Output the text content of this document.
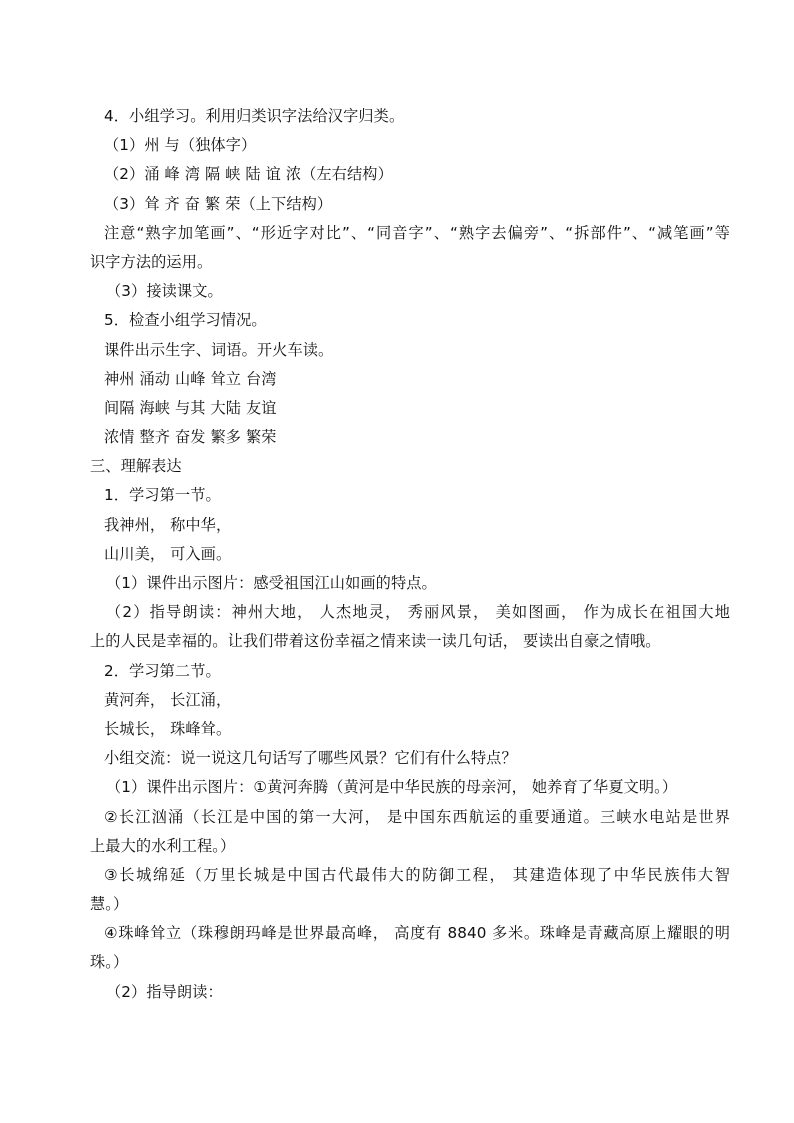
4．小组学习。利用归类识字法给汉字归类。
（1）州 与（独体字）
（2）涌 峰 湾 隔 峡 陆 谊 浓（左右结构）
（3）耸 齐 奋 繁 荣（上下结构）
注意“熟字加笔画”、“形近字对比”、“同音字”、“熟字去偏旁”、“拆部件”、“减笔画”等
识字方法的运用。
（3）接读课文。
5．检查小组学习情况。
课件出示生字、词语。开火车读。
神州 涌动 山峰 耸立 台湾
间隔 海峡 与其 大陆 友谊
浓情 整齐 奋发 繁多 繁荣
三、理解表达
1．学习第一节。
我神州， 称中华，
山川美， 可入画。
（1）课件出示图片：感受祖国江山如画的特点。
（2）指导朗读：神州大地， 人杰地灵， 秀丽风景， 美如图画， 作为成长在祖国大地
上的人民是幸福的。让我们带着这份幸福之情来读一读几句话， 要读出自豪之情哦。
2．学习第二节。
黄河奔， 长江涌，
长城长， 珠峰耸。
小组交流：说一说这几句话写了哪些风景？它们有什么特点？
（1）课件出示图片：①黄河奔腾（黄河是中华民族的母亲河， 她养育了华夏文明。）
②长江汹涌（长江是中国的第一大河， 是中国东西航运的重要通道。三峡水电站是世界
上最大的水利工程。）
③长城绵延（万里长城是中国古代最伟大的防御工程， 其建造体现了中华民族伟大智
慧。）
④珠峰耸立（珠穆朗玛峰是世界最高峰， 高度有 8840 多米。珠峰是青藏高原上耀眼的明
珠。）
（2）指导朗读：
